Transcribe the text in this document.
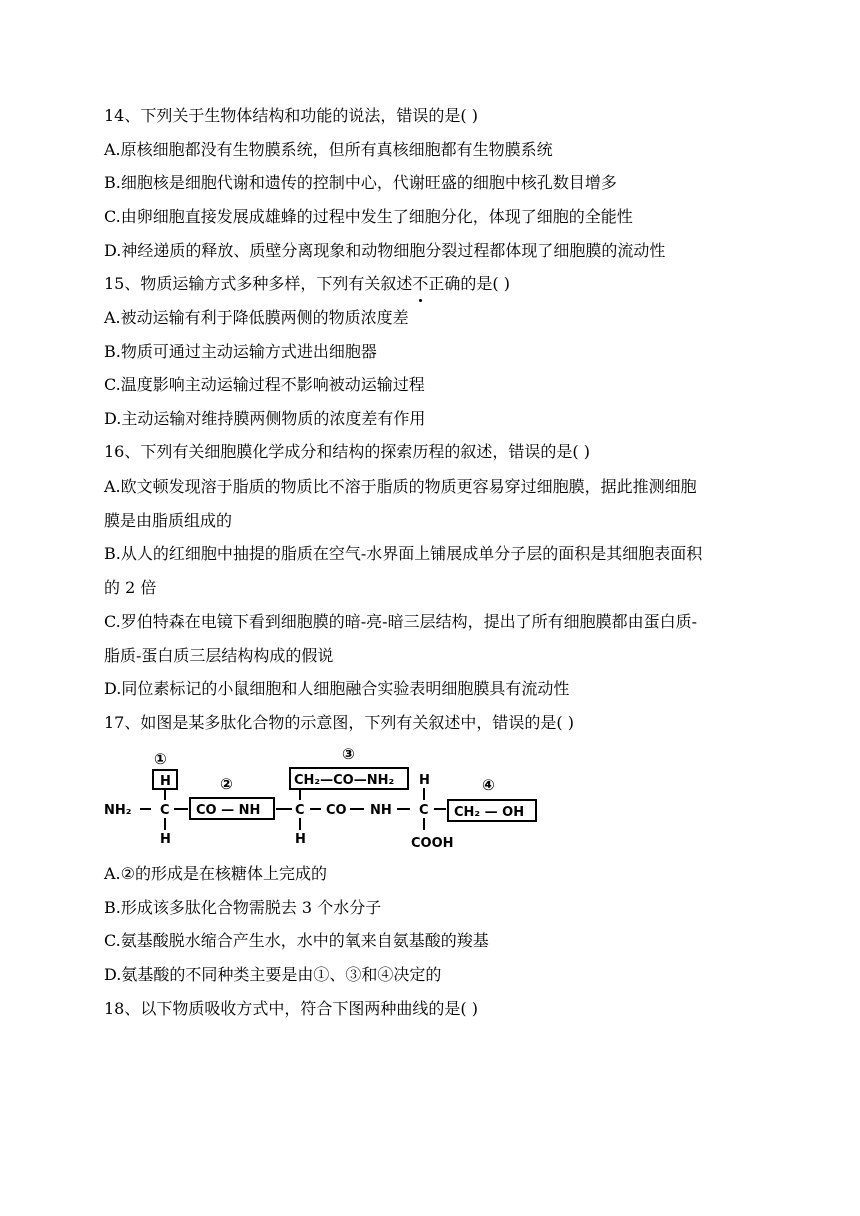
14、下列关于生物体结构和功能的说法，错误的是( )
A.原核细胞都没有生物膜系统，但所有真核细胞都有生物膜系统
B.细胞核是细胞代谢和遗传的控制中心，代谢旺盛的细胞中核孔数目增多
C.由卵细胞直接发展成雄蜂的过程中发生了细胞分化，体现了细胞的全能性
D.神经递质的释放、质壁分离现象和动物细胞分裂过程都体现了细胞膜的流动性
15、物质运输方式多种多样，下列有关叙述不
正确的是( )
A.被动运输有利于降低膜两侧的物质浓度差
B.物质可通过主动运输方式进出细胞器
C.温度影响主动运输过程不影响被动运输过程
D.主动运输对维持膜两侧物质的浓度差有作用
16、下列有关细胞膜化学成分和结构的探索历程的叙述，错误的是( )
A.欧文顿发现溶于脂质的物质比不溶于脂质的物质更容易穿过细胞膜，据此推测细胞
膜是由脂质组成的
B.从人的红细胞中抽提的脂质在空气-水界面上铺展成单分子层的面积是其细胞表面积
的 2 倍
C.罗伯特森在电镜下看到细胞膜的暗-亮-暗三层结构，提出了所有细胞膜都由蛋白质-
脂质-蛋白质三层结构构成的假说
D.同位素标记的小鼠细胞和人细胞融合实验表明细胞膜具有流动性
17、如图是某多肽化合物的示意图，下列有关叙述中，错误的是( )
①
②
③
④
NH₂
H
C
H
CO — NH	C
H
CH₂—CO—NH₂
CO NH
H
C
COOH
CH₂ — OH
A.②的形成是在核糖体上完成的
B.形成该多肽化合物需脱去 3 个水分子
C.氨基酸脱水缩合产生水，水中的氧来自氨基酸的羧基
D.氨基酸的不同种类主要是由①、③和④决定的
18、以下物质吸收方式中，符合下图两种曲线的是( )
